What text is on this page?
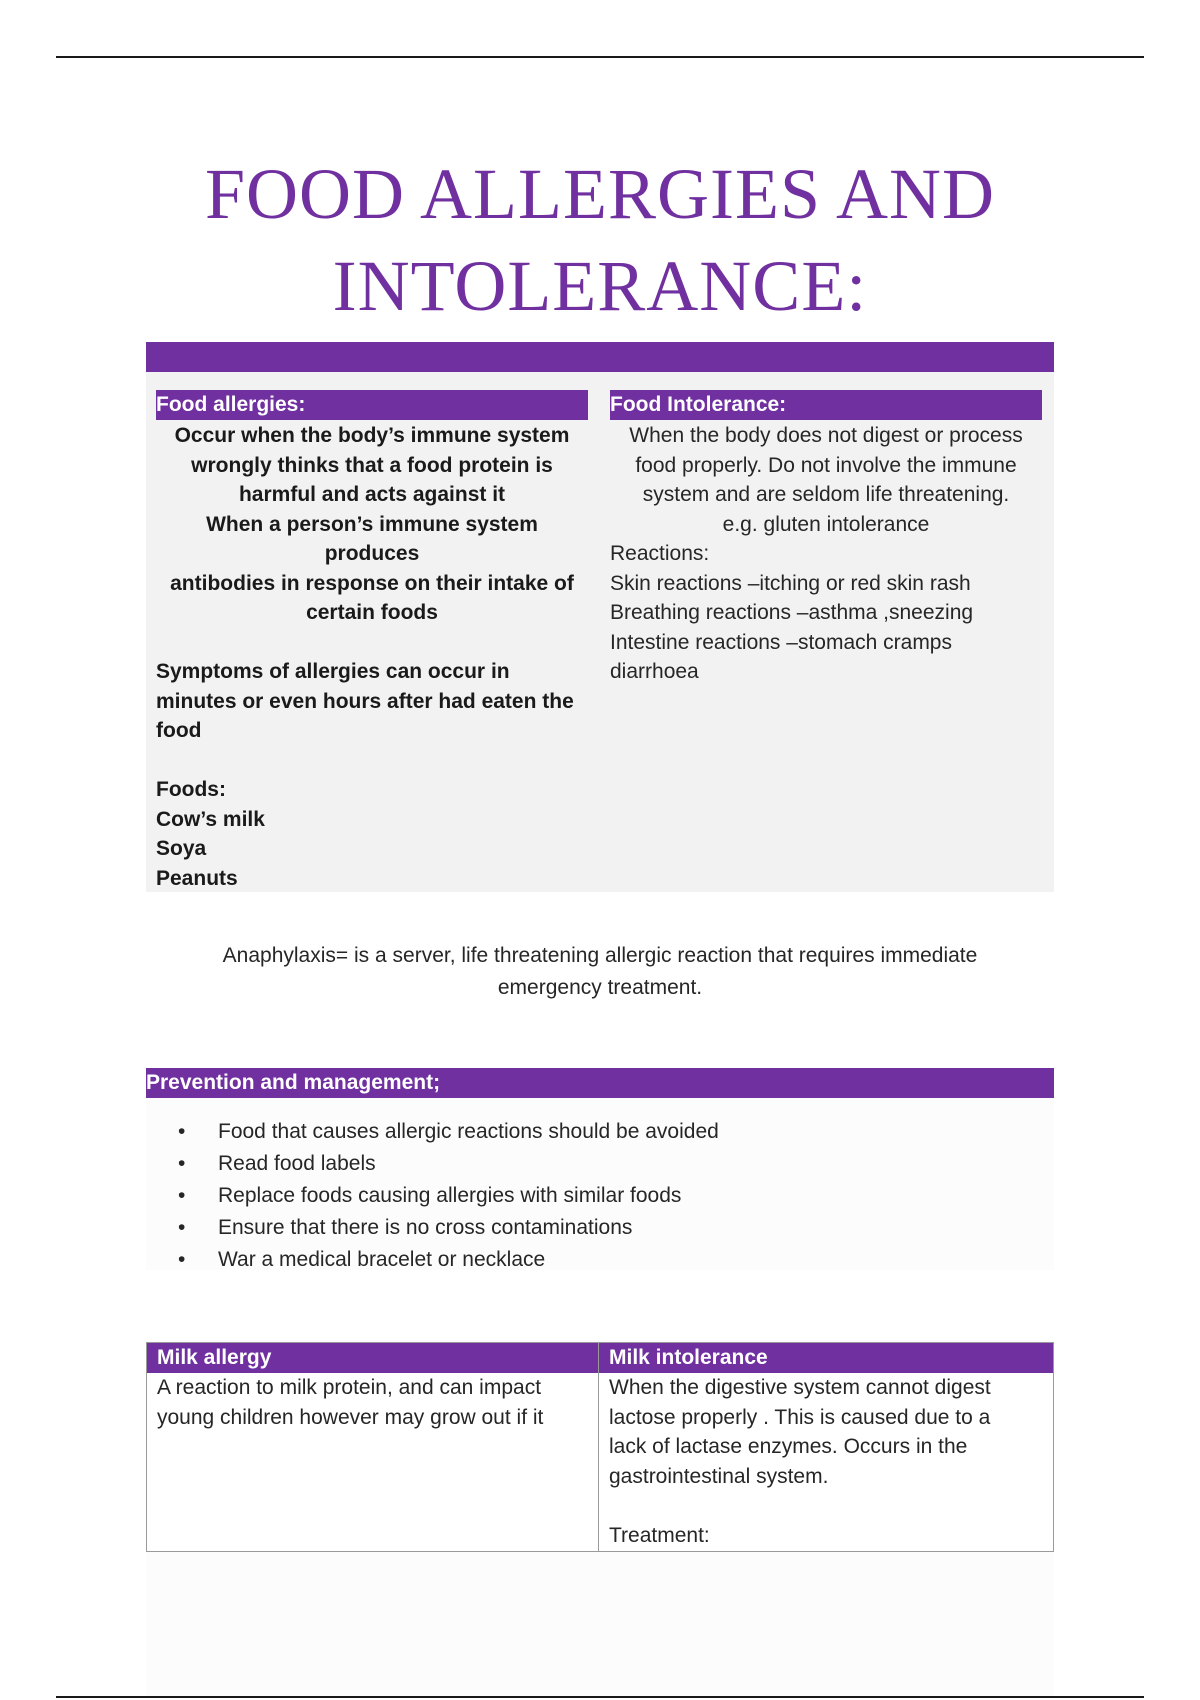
FOOD ALLERGIES AND
INTOLERANCE:
Food allergies:
Occur when the body’s immune system
wrongly thinks that a food protein is
harmful and acts against it
When a person’s immune system produces
antibodies in response on their intake of
certain foods
Symptoms of allergies can occur in
minutes or even hours after had eaten the
food
Foods:
Cow’s milk
Soya
Peanuts
Food Intolerance:
When the body does not digest or process
food properly. Do not involve the immune
system and are seldom life threatening.
e.g. gluten intolerance
Reactions:
Skin reactions –itching or red skin rash
Breathing reactions –asthma ,sneezing
Intestine reactions –stomach cramps
diarrhoea
Anaphylaxis= is a server, life threatening allergic reaction that requires immediate
emergency treatment.
Prevention and management;
• Food that causes allergic reactions should be avoided
• Read food labels
• Replace foods causing allergies with similar foods
• Ensure that there is no cross contaminations
• War a medical bracelet or necklace
Milk allergy
A reaction to milk protein, and can impact
young children however may grow out if it
Milk intolerance
When the digestive system cannot digest
lactose properly . This is caused due to a
lack of lactase enzymes. Occurs in the
gastrointestinal system.
Treatment:
